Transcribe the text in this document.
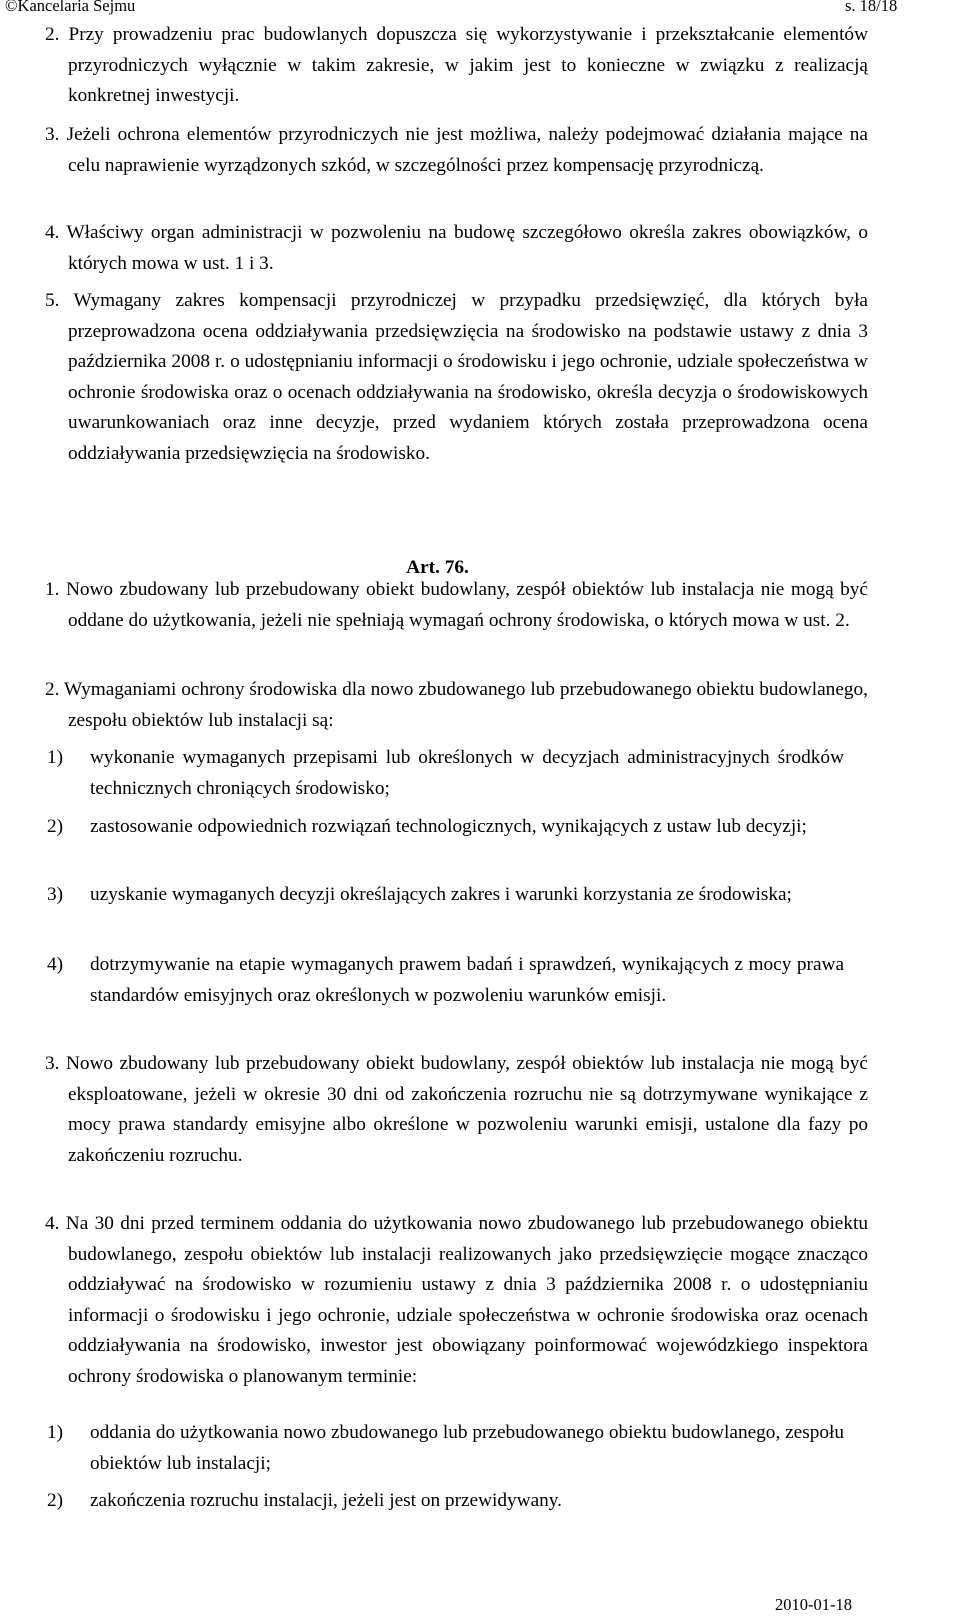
©Kancelaria Sejmu	s. 18/18
2. Przy prowadzeniu prac budowlanych dopuszcza się wykorzystywanie i przekształcanie elementów przyrodniczych wyłącznie w takim zakresie, w jakim jest to konieczne w związku z realizacją konkretnej inwestycji.
3. Jeżeli ochrona elementów przyrodniczych nie jest możliwa, należy podejmować działania mające na celu naprawienie wyrządzonych szkód, w szczególności przez kompensację przyrodniczą.
4. Właściwy organ administracji w pozwoleniu na budowę szczegółowo określa zakres obowiązków, o których mowa w ust. 1 i 3.
5. Wymagany zakres kompensacji przyrodniczej w przypadku przedsięwzięć, dla których była przeprowadzona ocena oddziaływania przedsięwzięcia na środowisko na podstawie ustawy z dnia 3 października 2008 r. o udostępnianiu informacji o środowisku i jego ochronie, udziale społeczeństwa w ochronie środowiska oraz o ocenach oddziaływania na środowisko, określa decyzja o środowiskowych uwarunkowaniach oraz inne decyzje, przed wydaniem których została przeprowadzona ocena oddziaływania przedsięwzięcia na środowisko.
Art. 76.
1. Nowo zbudowany lub przebudowany obiekt budowlany, zespół obiektów lub instalacja nie mogą być oddane do użytkowania, jeżeli nie spełniają wymagań ochrony środowiska, o których mowa w ust. 2.
2. Wymaganiami ochrony środowiska dla nowo zbudowanego lub przebudowanego obiektu budowlanego, zespołu obiektów lub instalacji są:
1) wykonanie wymaganych przepisami lub określonych w decyzjach administracyjnych środków technicznych chroniących środowisko;
2) zastosowanie odpowiednich rozwiązań technologicznych, wynikających z ustaw lub decyzji;
3) uzyskanie wymaganych decyzji określających zakres i warunki korzystania ze środowiska;
4) dotrzymywanie na etapie wymaganych prawem badań i sprawdzeń, wynikających z mocy prawa standardów emisyjnych oraz określonych w pozwoleniu warunków emisji.
3. Nowo zbudowany lub przebudowany obiekt budowlany, zespół obiektów lub instalacja nie mogą być eksploatowane, jeżeli w okresie 30 dni od zakończenia rozruchu nie są dotrzymywane wynikające z mocy prawa standardy emisyjne albo określone w pozwoleniu warunki emisji, ustalone dla fazy po zakończeniu rozruchu.
4. Na 30 dni przed terminem oddania do użytkowania nowo zbudowanego lub przebudowanego obiektu budowlanego, zespołu obiektów lub instalacji realizowanych jako przedsięwzięcie mogące znacząco oddziaływać na środowisko w rozumieniu ustawy z dnia 3 października 2008 r. o udostępnianiu informacji o środowisku i jego ochronie, udziale społeczeństwa w ochronie środowiska oraz ocenach oddziaływania na środowisko, inwestor jest obowiązany poinformować wojewódzkiego inspektora ochrony środowiska o planowanym terminie:
1) oddania do użytkowania nowo zbudowanego lub przebudowanego obiektu budowlanego, zespołu obiektów lub instalacji;
2) zakończenia rozruchu instalacji, jeżeli jest on przewidywany.
2010-01-18
